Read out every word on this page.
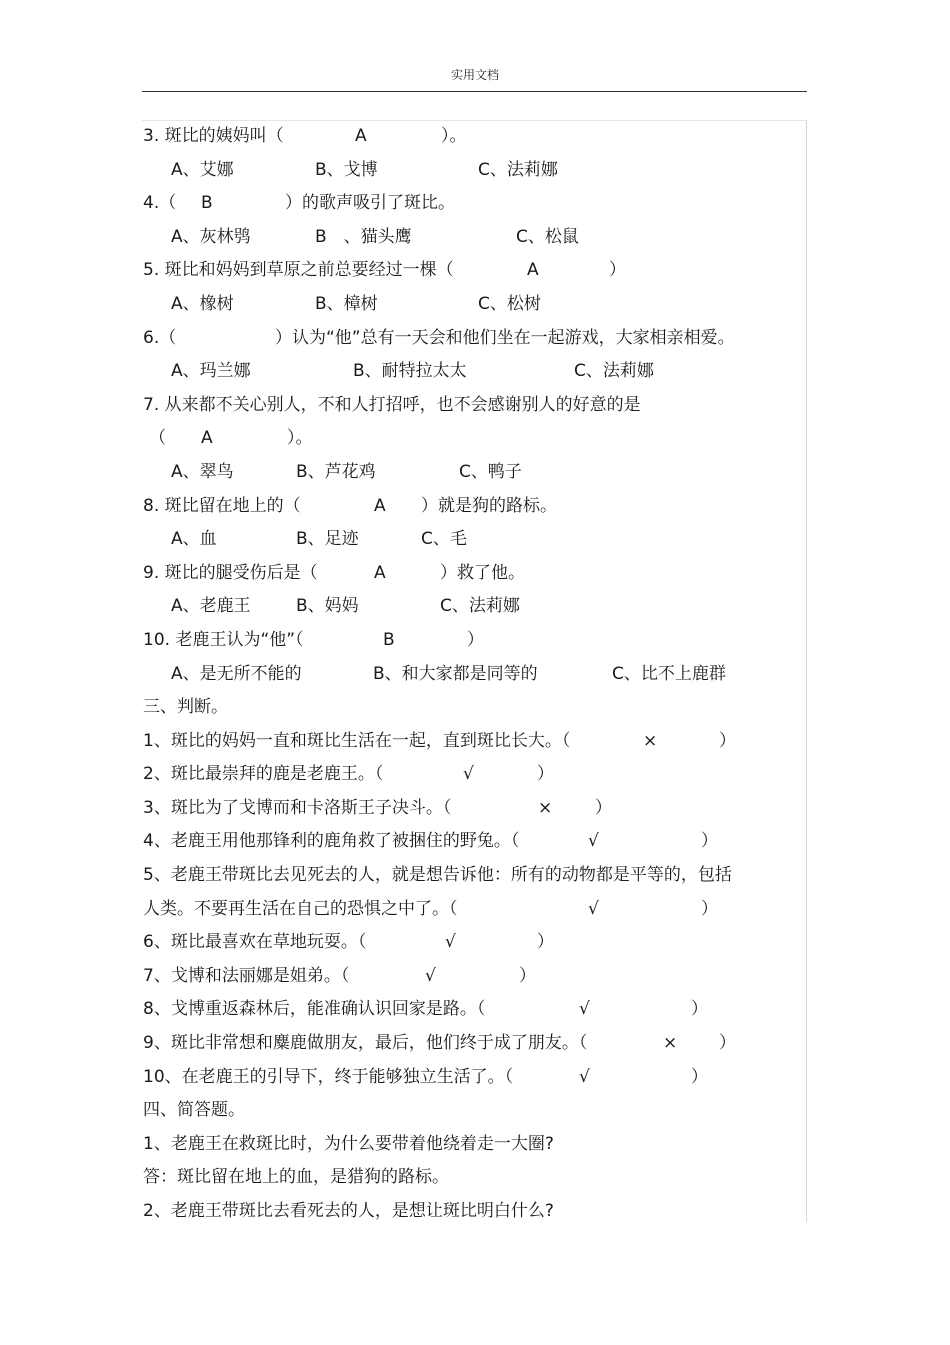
实用文档
3. 斑比的姨妈叫（	A	）。
A、艾娜	B、戈博	C、法莉娜
4.（ B	）的歌声吸引了斑比。
A、灰林鸮	B　、猫头鹰	C、松鼠
5. 斑比和妈妈到草原之前总要经过一棵（	A	）
A、橡树	B、樟树	C、松树
6.（	）认为“他”总有一天会和他们坐在一起游戏，大家相亲相爱。
A、玛兰娜	B、耐特拉太太	C、法莉娜
7. 从来都不关心别人，不和人打招呼，也不会感谢别人的好意的是
（ A	）。
A、翠鸟	B、芦花鸡	C、鸭子
8. 斑比留在地上的（	A ）就是狗的路标。
A、血	B、足迹	C、毛
9. 斑比的腿受伤后是（	A	）救了他。
A、老鹿王	B、妈妈	C、法莉娜
10. 老鹿王认为“他”（	B	）
A、是无所不能的	B、和大家都是同等的	C、比不上鹿群
三、判断。
1、斑比的妈妈一直和斑比生活在一起，直到斑比长大。（	×	）
2、斑比最崇拜的鹿是老鹿王。（	√	）
3、斑比为了戈博而和卡洛斯王子决斗。（	×	）
4、老鹿王用他那锋利的鹿角救了被捆住的野兔。（	√	）
5、老鹿王带斑比去见死去的人，就是想告诉他：所有的动物都是平等的，包括
人类。不要再生活在自己的恐惧之中了。（	√	）
6、斑比最喜欢在草地玩耍。（	√	）
7、戈博和法丽娜是姐弟。（	√	）
8、戈博重返森林后，能准确认识回家是路。（	√	）
9、斑比非常想和麋鹿做朋友，最后，他们终于成了朋友。（	× ）
10、在老鹿王的引导下，终于能够独立生活了。（	√	）
四、简答题。
1、老鹿王在救斑比时，为什么要带着他绕着走一大圈?
答：斑比留在地上的血，是猎狗的路标。
2、老鹿王带斑比去看死去的人，是想让斑比明白什么?
